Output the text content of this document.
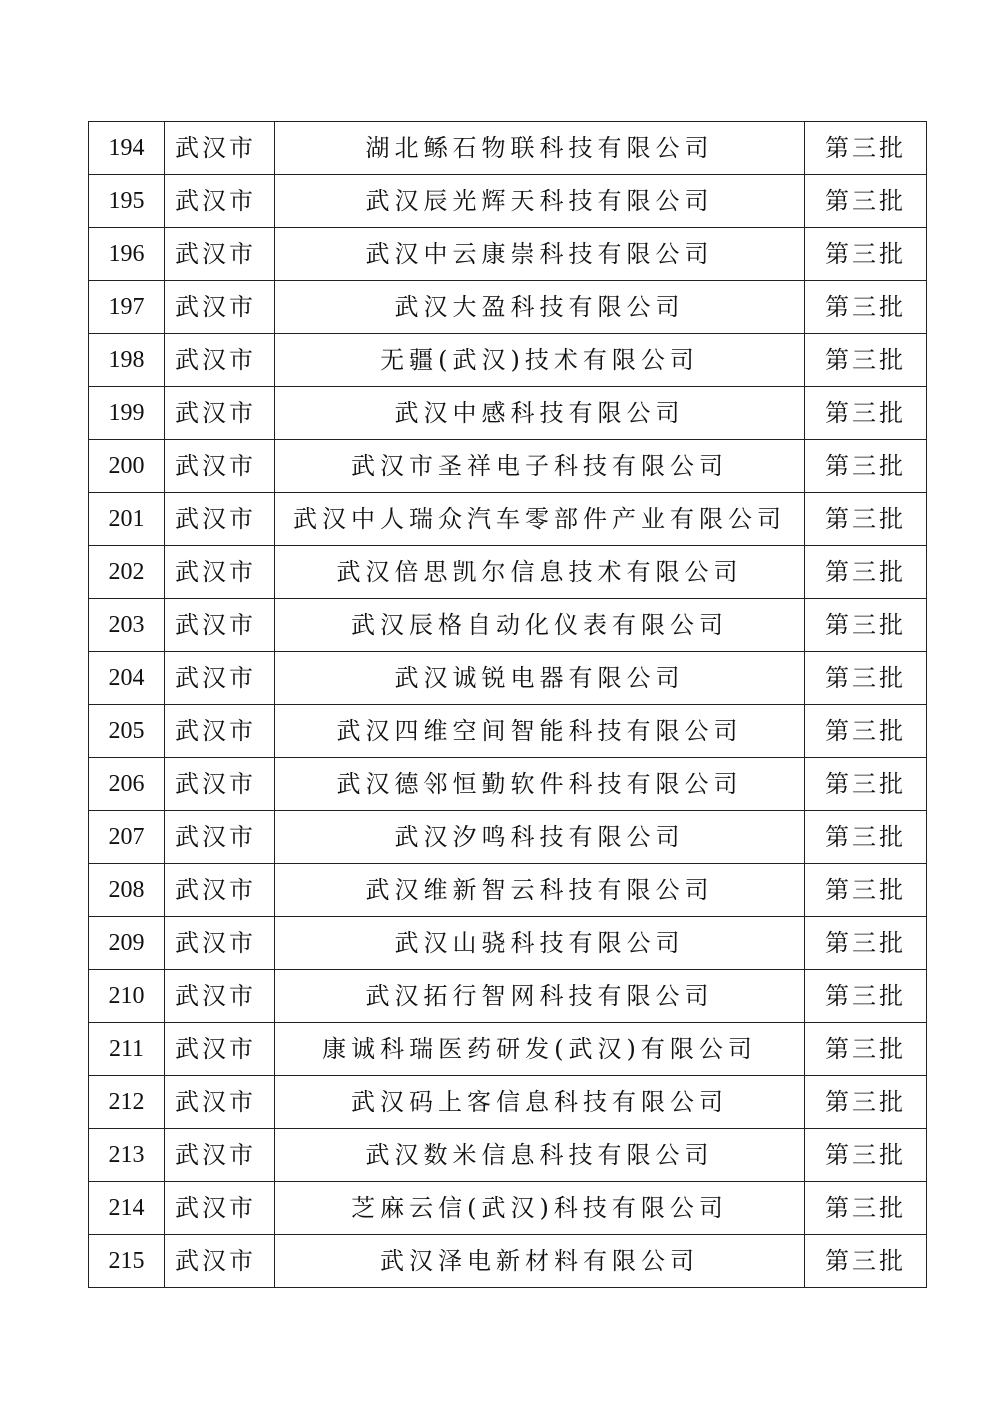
194	武汉市	湖北鲧石物联科技有限公司	第三批
195	武汉市	武汉辰光辉天科技有限公司	第三批
196	武汉市	武汉中云康崇科技有限公司	第三批
197	武汉市	武汉大盈科技有限公司	第三批
198	武汉市	无疆(武汉)技术有限公司	第三批
199	武汉市	武汉中感科技有限公司	第三批
200	武汉市	武汉市圣祥电子科技有限公司	第三批
201	武汉市	武汉中人瑞众汽车零部件产业有限公司	第三批
202	武汉市	武汉倍思凯尔信息技术有限公司	第三批
203	武汉市	武汉辰格自动化仪表有限公司	第三批
204	武汉市	武汉诚锐电器有限公司	第三批
205	武汉市	武汉四维空间智能科技有限公司	第三批
206	武汉市	武汉德邻恒勤软件科技有限公司	第三批
207	武汉市	武汉汐鸣科技有限公司	第三批
208	武汉市	武汉维新智云科技有限公司	第三批
209	武汉市	武汉山骁科技有限公司	第三批
210	武汉市	武汉拓行智网科技有限公司	第三批
211	武汉市	康诚科瑞医药研发(武汉)有限公司	第三批
212	武汉市	武汉码上客信息科技有限公司	第三批
213	武汉市	武汉数米信息科技有限公司	第三批
214	武汉市	芝麻云信(武汉)科技有限公司	第三批
215	武汉市	武汉泽电新材料有限公司	第三批
